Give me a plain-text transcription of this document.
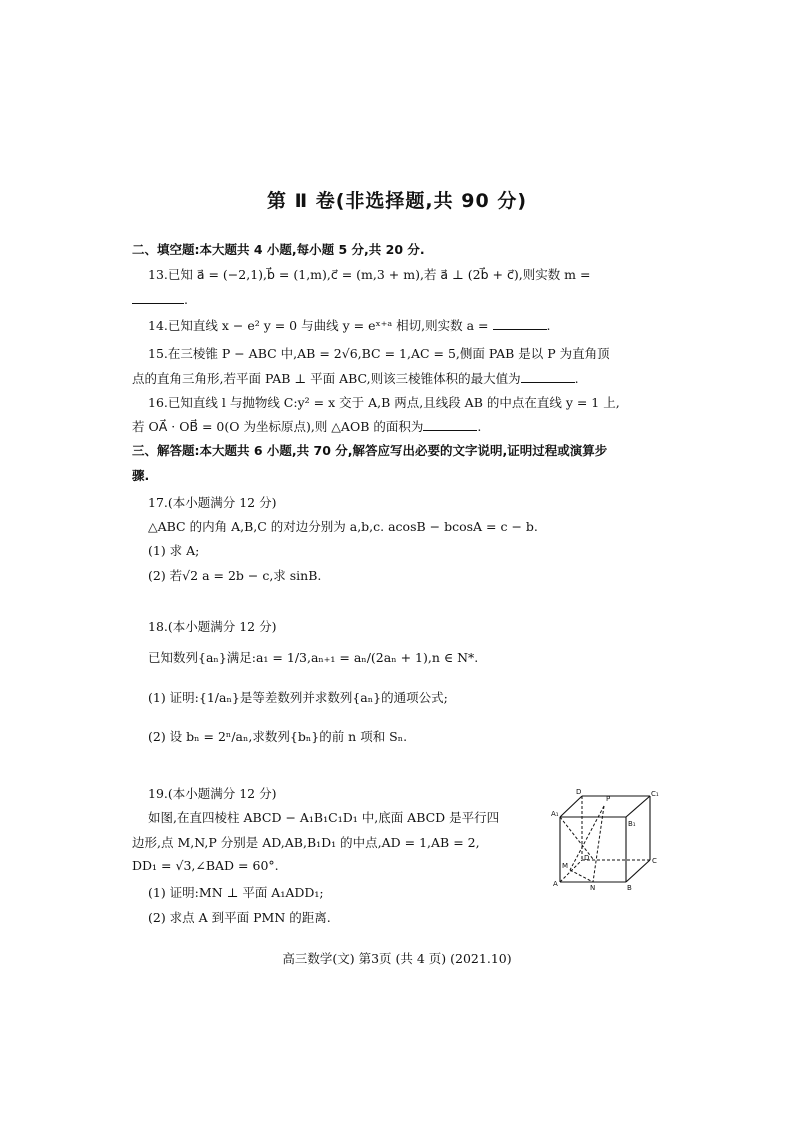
第 Ⅱ 卷(非选择题,共 90 分)
二、填空题:本大题共 4 小题,每小题 5 分,共 20 分.
13.已知 a⃗ = (−2,1),b⃗ = (1,m),c⃗ = (m,3 + m),若 a⃗ ⊥ (2b⃗ + c⃗),则实数 m =
.
14.已知直线 x − e² y = 0 与曲线 y = eˣ⁺ᵃ 相切,则实数 a =	.
15.在三棱锥 P − ABC 中,AB = 2√6,BC = 1,AC = 5,侧面 PAB 是以 P 为直角顶
点的直角三角形,若平面 PAB ⊥ 平面 ABC,则该三棱锥体积的最大值为	.
16.已知直线 l 与抛物线 C:y² = x 交于 A,B 两点,且线段 AB 的中点在直线 y = 1 上,
若 OA⃗ · OB⃗ = 0(O 为坐标原点),则 △AOB 的面积为	.
三、解答题:本大题共 6 小题,共 70 分,解答应写出必要的文字说明,证明过程或演算步
骤.
17.(本小题满分 12 分)
△ABC 的内角 A,B,C 的对边分别为 a,b,c. acosB − bcosA = c − b.
(1) 求 A;
(2) 若√2 a = 2b − c,求 sinB.
18.(本小题满分 12 分)
已知数列{aₙ}满足:a₁ = 1/3,aₙ₊₁ = aₙ/(2aₙ + 1),n ∈ N*.
(1) 证明:{1/aₙ}是等差数列并求数列{aₙ}的通项公式;
(2) 设 bₙ = 2ⁿ/aₙ,求数列{bₙ}的前 n 项和 Sₙ.
19.(本小题满分 12 分)
如图,在直四棱柱 ABCD − A₁B₁C₁D₁ 中,底面 ABCD 是平行四
边形,点 M,N,P 分别是 AD,AB,B₁D₁ 的中点,AD = 1,AB = 2,
DD₁ = √3,∠BAD = 60°.
(1) 证明:MN ⊥ 平面 A₁ADD₁;
(2) 求点 A 到平面 PMN 的距离.
D
P
C₁
A₁
B₁
M
D	C
A	N	B
高三数学(文) 第3页 (共 4 页) (2021.10)
